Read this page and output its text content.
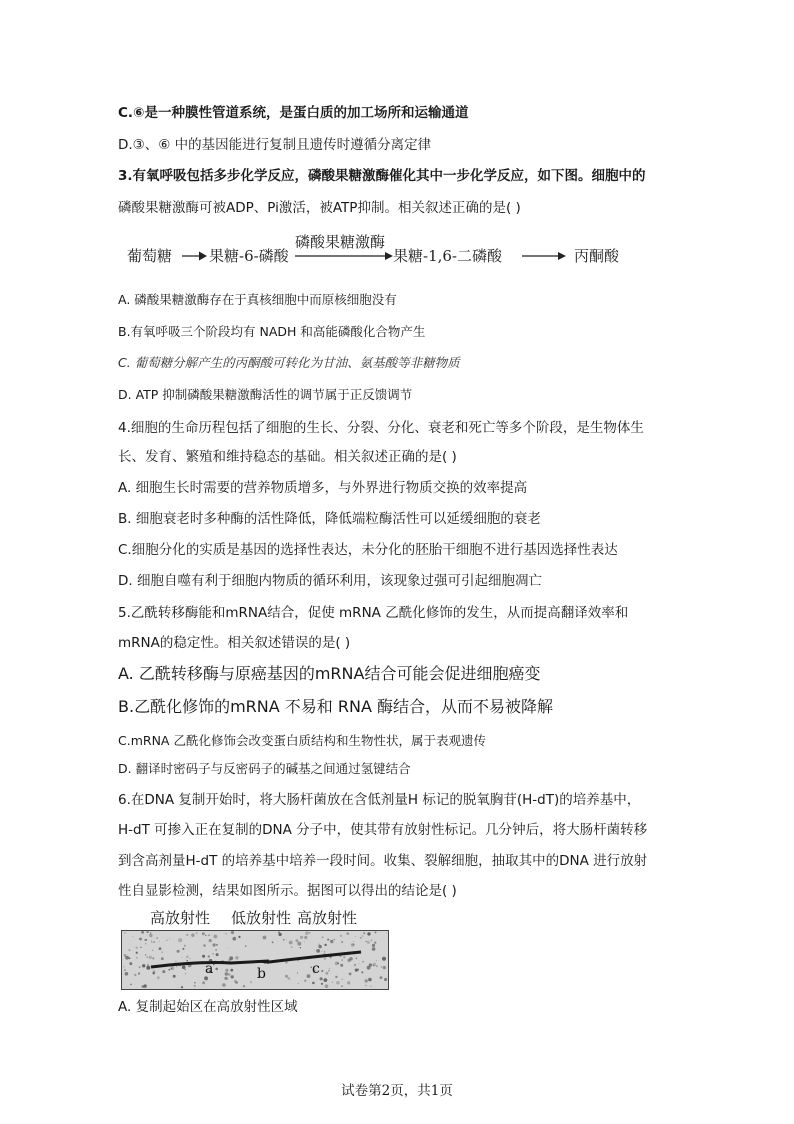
C.⑥是一种膜性管道系统，是蛋白质的加工场所和运输通道
D.③、⑥ 中的基因能进行复制且遗传时遵循分离定律
3.有氧呼吸包括多步化学反应，磷酸果糖激酶催化其中一步化学反应，如下图。细胞中的
磷酸果糖激酶可被ADP、Pi激活，被ATP抑制。相关叙述正确的是( )
葡萄糖 果糖-6-磷酸
磷酸果糖激酶
果糖-1,6-二磷酸	丙酮酸
A. 磷酸果糖激酶存在于真核细胞中而原核细胞没有
B.有氧呼吸三个阶段均有 NADH 和高能磷酸化合物产生
C. 葡萄糖分解产生的丙酮酸可转化为甘油、氨基酸等非糖物质
D. ATP 抑制磷酸果糖激酶活性的调节属于正反馈调节
4.细胞的生命历程包括了细胞的生长、分裂、分化、衰老和死亡等多个阶段，是生物体生
长、发育、繁殖和维持稳态的基础。相关叙述正确的是( )
A. 细胞生长时需要的营养物质增多，与外界进行物质交换的效率提高
B. 细胞衰老时多种酶的活性降低，降低端粒酶活性可以延缓细胞的衰老
C.细胞分化的实质是基因的选择性表达，未分化的胚胎干细胞不进行基因选择性表达
D. 细胞自噬有利于细胞内物质的循环利用，该现象过强可引起细胞凋亡
5.乙酰转移酶能和mRNA结合，促使 mRNA 乙酰化修饰的发生，从而提高翻译效率和
mRNA的稳定性。相关叙述错误的是( )
A. 乙酰转移酶与原癌基因的mRNA结合可能会促进细胞癌变
B.乙酰化修饰的mRNA 不易和 RNA 酶结合，从而不易被降解
C.mRNA 乙酰化修饰会改变蛋白质结构和生物性状，属于表观遗传
D. 翻译时密码子与反密码子的碱基之间通过氢键结合
6.在DNA 复制开始时，将大肠杆菌放在含低剂量H 标记的脱氧胸苷(H-dT)的培养基中，
H-dT 可掺入正在复制的DNA 分子中，使其带有放射性标记。几分钟后，将大肠杆菌转移
到含高剂量H-dT 的培养基中培养一段时间。收集、裂解细胞，抽取其中的DNA 进行放射
性自显影检测，结果如图所示。据图可以得出的结论是( )
高放射性 低放射性 高放射性
a	b	c
A. 复制起始区在高放射性区域
试卷第2页，共1页
